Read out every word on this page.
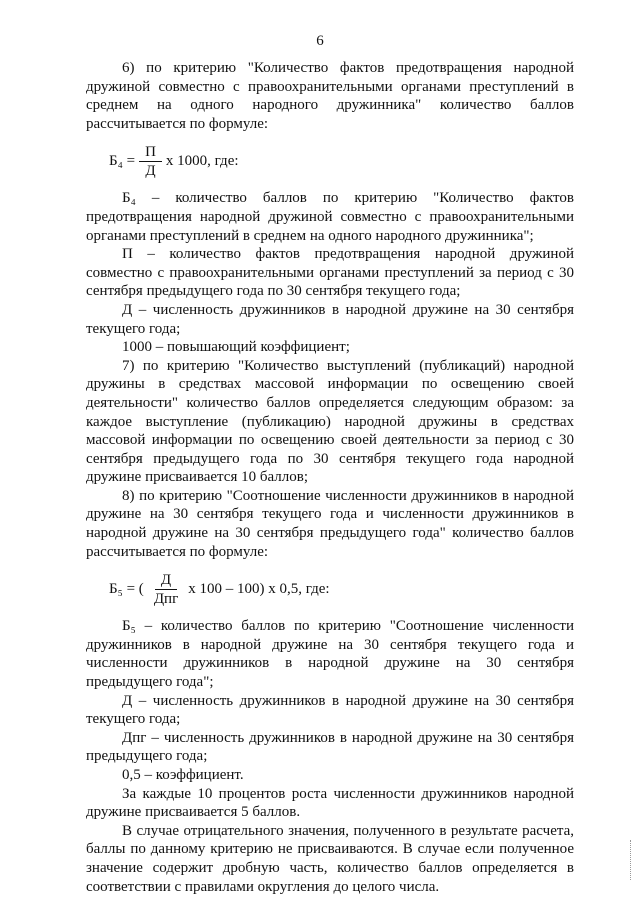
6

6) по критерию "Количество фактов предотвращения народной дружиной совместно с правоохранительными органами преступлений в среднем на одного народного дружинника" количество баллов рассчитывается по формуле:

$Б_4 = \frac{П}{Д}$ х 1000, где:

Б₄ – количество баллов по критерию "Количество фактов предотвращения народной дружиной совместно с правоохранительными органами преступлений в среднем на одного народного дружинника";

П – количество фактов предотвращения народной дружиной совместно с правоохранительными органами преступлений за период с 30 сентября предыдущего года по 30 сентября текущего года;

Д – численность дружинников в народной дружине на 30 сентября текущего года;

1000 – повышающий коэффициент;

7) по критерию "Количество выступлений (публикаций) народной дружины в средствах массовой информации по освещению своей деятельности" количество баллов определяется следующим образом: за каждое выступление (публикацию) народной дружины в средствах массовой информации по освещению своей деятельности за период с 30 сентября предыдущего года по 30 сентября текущего года народной дружине присваивается 10 баллов;

8) по критерию "Соотношение численности дружинников в народной дружине на 30 сентября текущего года и численности дружинников в народной дружине на 30 сентября предыдущего года" количество баллов рассчитывается по формуле:

Б₅ = ( $\frac{Д}{\text{Дпг}}$ х 100 – 100) х 0,5, где:

Б₅ – количество баллов по критерию "Соотношение численности дружинников в народной дружине на 30 сентября текущего года и численности дружинников в народной дружине на 30 сентября предыдущего года";

Д – численность дружинников в народной дружине на 30 сентября текущего года;

Дпг – численность дружинников в народной дружине на 30 сентября предыдущего года;

0,5 – коэффициент.

За каждые 10 процентов роста численности дружинников народной дружине присваивается 5 баллов.

В случае отрицательного значения, полученного в результате расчета, баллы по данному критерию не присваиваются. В случае если полученное значение содержит дробную часть, количество баллов определяется в соответствии с правилами округления до целого числа.
